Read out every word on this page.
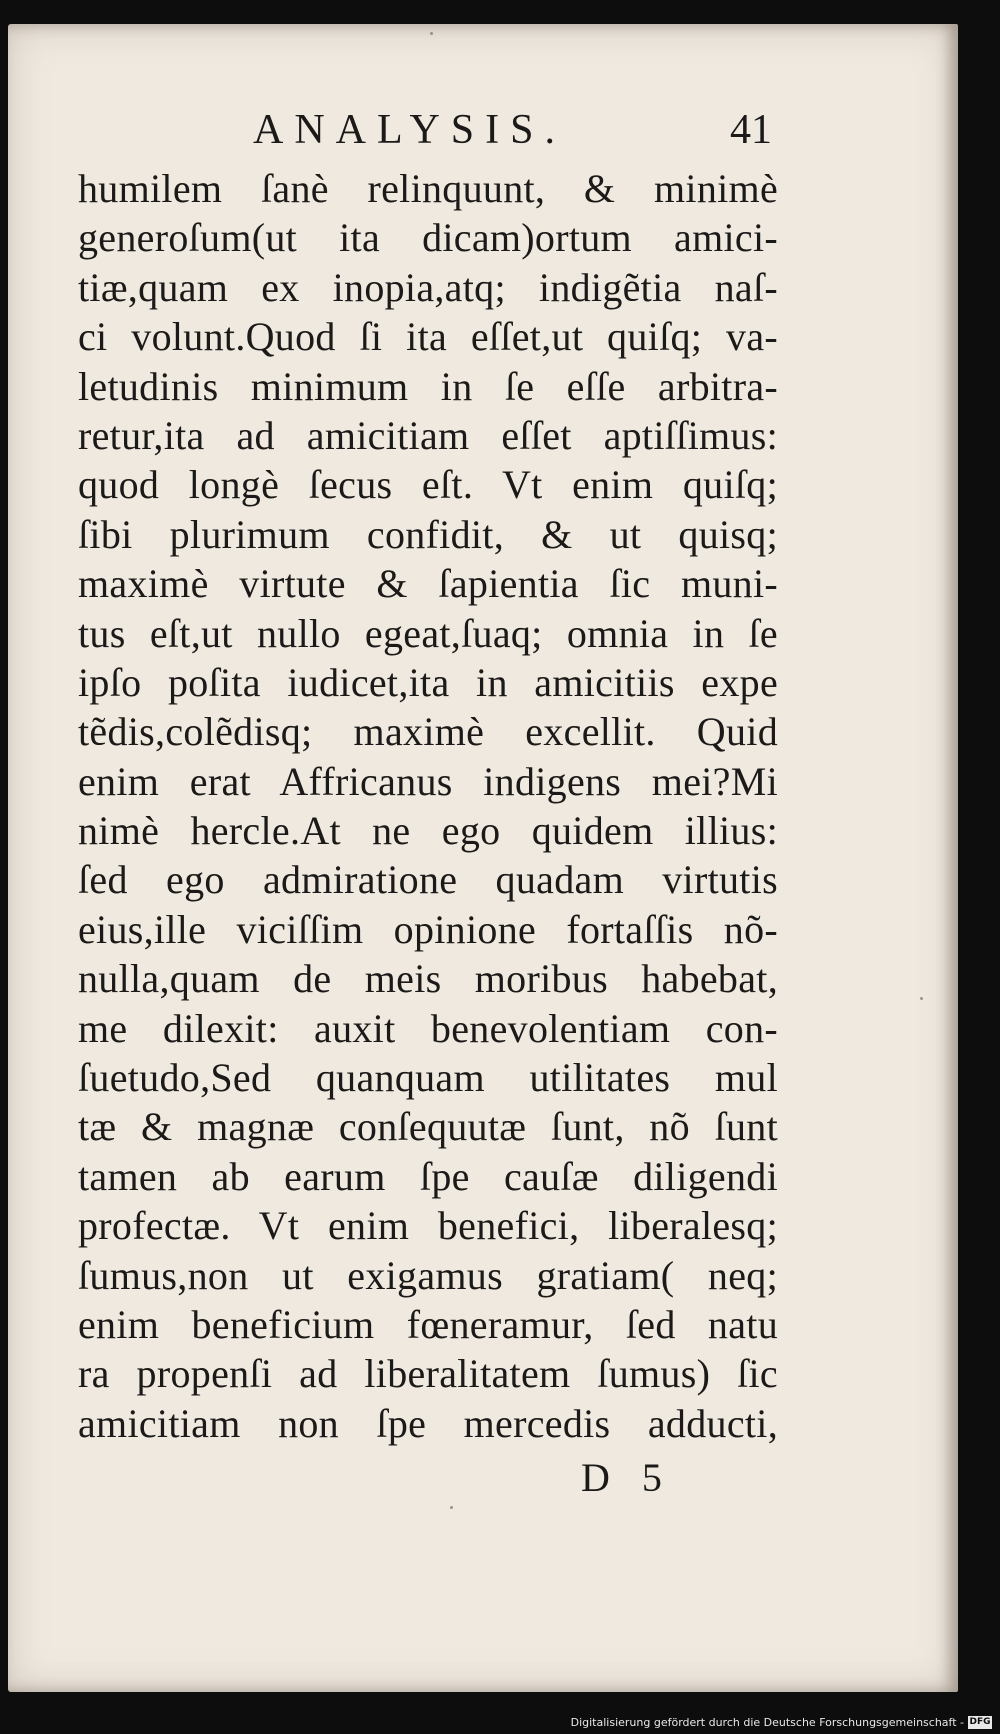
ANALYSIS.	41
humilem ſanè relinquunt, & minimè
generoſum(ut ita dicam)ortum amici-
tiæ,quam ex inopia,atq; indigẽtia naſ-
ci volunt.Quod ſi ita eſſet,ut quiſq; va-
letudinis minimum in ſe eſſe arbitra-
retur,ita ad amicitiam eſſet aptiſſimus:
quod longè ſecus eſt. Vt enim quiſq;
ſibi plurimum confidit, & ut quisq;
maximè virtute & ſapientia ſic muni-
tus eſt,ut nullo egeat,ſuaq; omnia in ſe
ipſo poſita iudicet,ita in amicitiis expe
tẽdis,colẽdisq; maximè excellit. Quid
enim erat Affricanus indigens mei?Mi
nimè hercle.At ne ego quidem illius:
ſed ego admiratione quadam virtutis
eius,ille viciſſim opinione fortaſſis nõ-
nulla,quam de meis moribus habebat,
me dilexit: auxit benevolentiam con-
ſuetudo,Sed quanquam utilitates mul
tæ & magnæ conſequutæ ſunt, nõ ſunt
tamen ab earum ſpe cauſæ diligendi
profectæ. Vt enim benefici, liberalesq;
ſumus,non ut exigamus gratiam( neq;
enim beneficium fœneramur, ſed natu
ra propenſi ad liberalitatem ſumus) ſic
amicitiam non ſpe mercedis adducti,
D 5
Digitalisierung gefördert durch die Deutsche Forschungsgemeinschaft - DFG
